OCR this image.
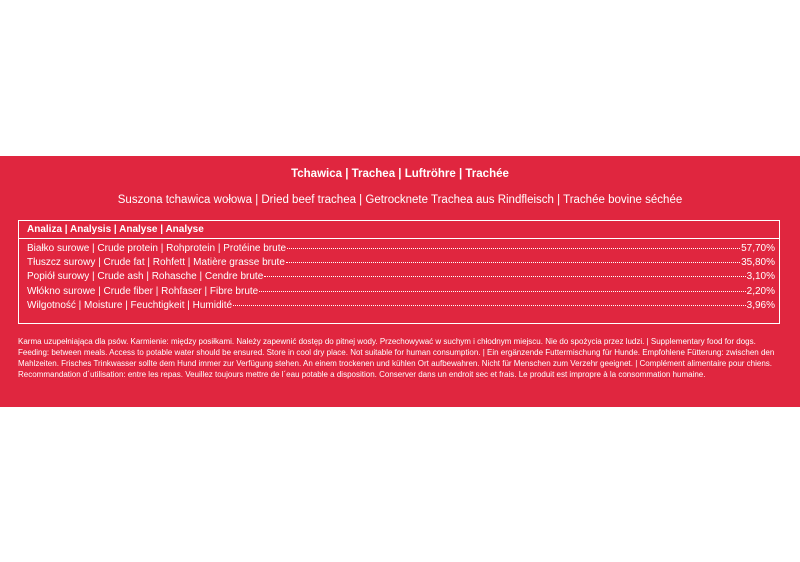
Tchawica | Trachea | Luftröhre | Trachée
Suszona tchawica wołowa | Dried beef trachea | Getrocknete Trachea aus Rindfleisch | Trachée bovine séchée
Analiza | Analysis | Analyse | Analyse
Białko surowe | Crude protein | Rohprotein | Protéine brute	57,70%
Tłuszcz surowy | Crude fat | Rohfett | Matière grasse brute	35,80%
Popiół surowy | Crude ash | Rohasche | Cendre brute	3,10%
Włókno surowe | Crude fiber | Rohfaser | Fibre brute	2,20%
Wilgotność | Moisture | Feuchtigkeit | Humidité	3,96%
Karma uzupełniająca dla psów. Karmienie: między posiłkami. Należy zapewnić dostęp do pitnej wody. Przechowywać w suchym i chłodnym miejscu. Nie do spożycia przez ludzi. | Supplementary food for dogs. Feeding: between meals. Access to potable water should be ensured. Store in cool dry place. Not suitable for human consumption. | Ein ergänzende Futtermischung für Hunde. Empfohlene Fütterung: zwischen den Mahlzeiten. Frisches Trinkwasser sollte dem Hund immer zur Verfügung stehen. An einem trockenen und kühlen Ort aufbewahren. Nicht für Menschen zum Verzehr geeignet. | Complément alimentaire pour chiens. Recommandation d´utilisation: entre les repas. Veuillez toujours mettre de l´eau potable a disposition. Conserver dans un endroit sec et frais. Le produit est impropre à la consommation humaine.
